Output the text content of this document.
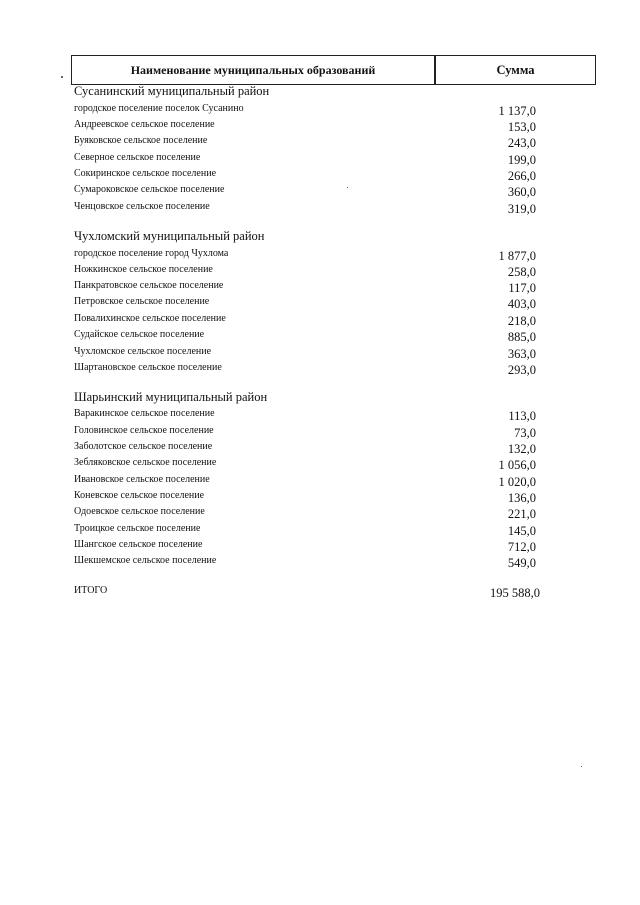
Наименование муниципальных образований	Сумма
Сусанинский муниципальный район
городское поселение поселок Сусанино	1 137,0
Андреевское сельское поселение	153,0
Буяковское сельское поселение	243,0
Северное сельское поселение	199,0
Сокиринское сельское поселение	266,0
Сумароковское сельское поселение	360,0
Ченцовское сельское поселение	319,0
Чухломский муниципальный район
городское поселение город Чухлома	1 877,0
Ножкинское сельское поселение	258,0
Панкратовское сельское поселение	117,0
Петровское сельское поселение	403,0
Повалихинское сельское поселение	218,0
Судайское сельское поселение	885,0
Чухломское сельское поселение	363,0
Шартановское сельское поселение	293,0
Шарьинский муниципальный район
Варакинское сельское поселение	113,0
Головинское сельское поселение	73,0
Заболотское сельское поселение	132,0
Зебляковское сельское поселение	1 056,0
Ивановское сельское поселение	1 020,0
Коневское сельское поселение	136,0
Одоевское сельское поселение	221,0
Троицкое сельское поселение	145,0
Шангское сельское поселение	712,0
Шекшемское сельское поселение	549,0
ИТОГО	195 588,0
